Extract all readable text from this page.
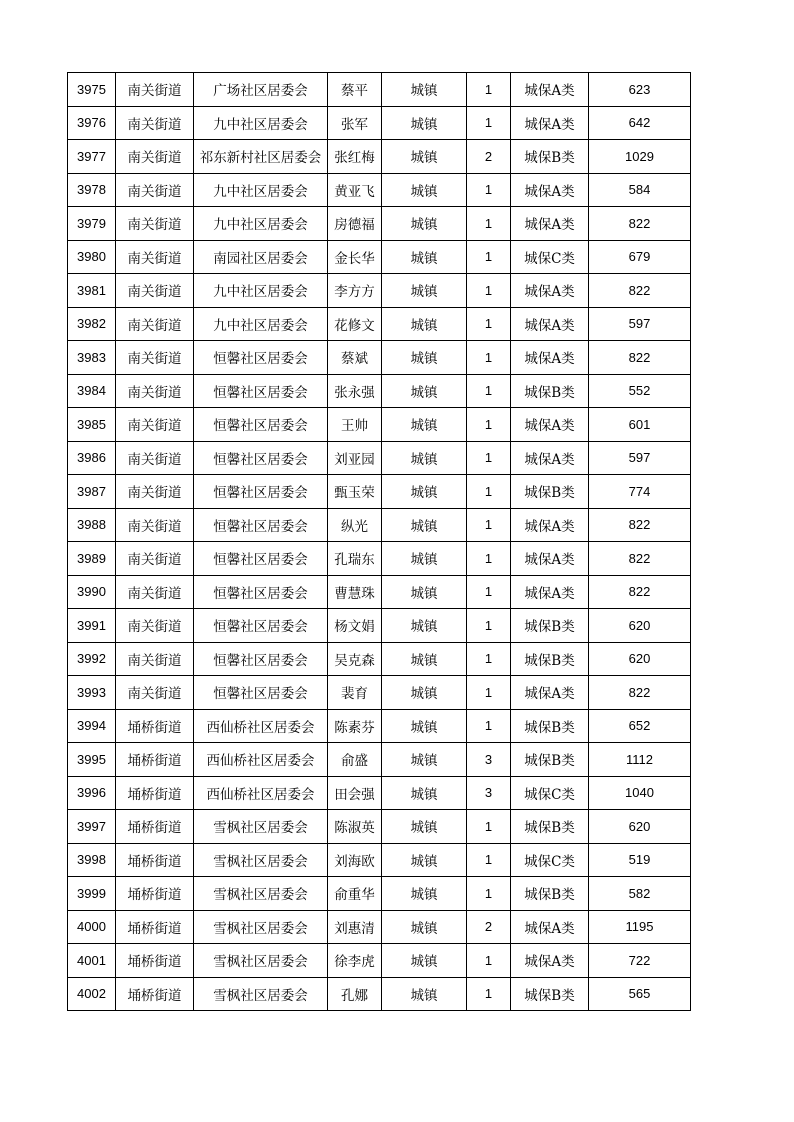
3975	南关街道	广场社区居委会	蔡平	城镇	1	城保A类	623
3976	南关街道	九中社区居委会	张军	城镇	1	城保A类	642
3977	南关街道	祁东新村社区居委会	张红梅	城镇	2	城保B类	1029
3978	南关街道	九中社区居委会	黄亚飞	城镇	1	城保A类	584
3979	南关街道	九中社区居委会	房德福	城镇	1	城保A类	822
3980	南关街道	南园社区居委会	金长华	城镇	1	城保C类	679
3981	南关街道	九中社区居委会	李方方	城镇	1	城保A类	822
3982	南关街道	九中社区居委会	花修文	城镇	1	城保A类	597
3983	南关街道	恒馨社区居委会	蔡斌	城镇	1	城保A类	822
3984	南关街道	恒馨社区居委会	张永强	城镇	1	城保B类	552
3985	南关街道	恒馨社区居委会	王帅	城镇	1	城保A类	601
3986	南关街道	恒馨社区居委会	刘亚园	城镇	1	城保A类	597
3987	南关街道	恒馨社区居委会	甄玉荣	城镇	1	城保B类	774
3988	南关街道	恒馨社区居委会	纵光	城镇	1	城保A类	822
3989	南关街道	恒馨社区居委会	孔瑞东	城镇	1	城保A类	822
3990	南关街道	恒馨社区居委会	曹慧珠	城镇	1	城保A类	822
3991	南关街道	恒馨社区居委会	杨文娟	城镇	1	城保B类	620
3992	南关街道	恒馨社区居委会	吴克森	城镇	1	城保B类	620
3993	南关街道	恒馨社区居委会	裴育	城镇	1	城保A类	822
3994	埇桥街道	西仙桥社区居委会	陈素芬	城镇	1	城保B类	652
3995	埇桥街道	西仙桥社区居委会	俞盛	城镇	3	城保B类	1112
3996	埇桥街道	西仙桥社区居委会	田会强	城镇	3	城保C类	1040
3997	埇桥街道	雪枫社区居委会	陈淑英	城镇	1	城保B类	620
3998	埇桥街道	雪枫社区居委会	刘海欧	城镇	1	城保C类	519
3999	埇桥街道	雪枫社区居委会	俞重华	城镇	1	城保B类	582
4000	埇桥街道	雪枫社区居委会	刘惠清	城镇	2	城保A类	1195
4001	埇桥街道	雪枫社区居委会	徐李虎	城镇	1	城保A类	722
4002	埇桥街道	雪枫社区居委会	孔娜	城镇	1	城保B类	565
